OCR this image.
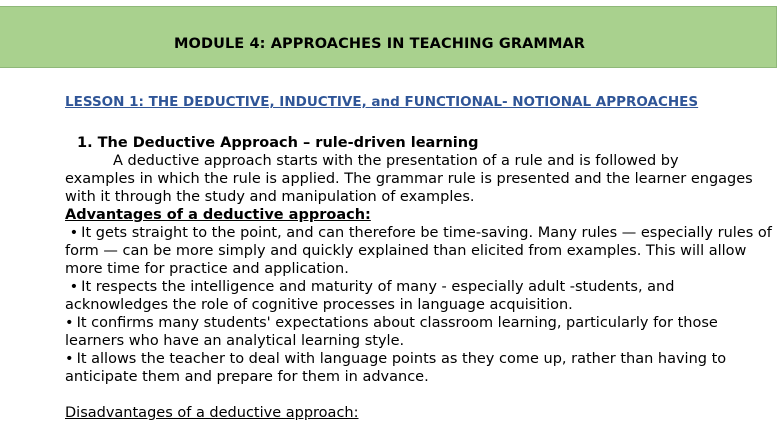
MODULE 4: APPROACHES IN TEACHING GRAMMAR

LESSON 1: THE DEDUCTIVE, INDUCTIVE, and FUNCTIONAL- NOTIONAL APPROACHES

1. The Deductive Approach – rule-driven learning

A deductive approach starts with the presentation of a rule and is followed by

examples in which the rule is applied. The grammar rule is presented and the learner engages with it through the study and manipulation of examples.

Advantages of a deductive approach:

• It gets straight to the point, and can therefore be time-saving. Many rules — especially rules of form — can be more simply and quickly explained than elicited from examples. This will allow more time for practice and application.

• It respects the intelligence and maturity of many - especially adult -students, and acknowledges the role of cognitive processes in language acquisition.

• It confirms many students' expectations about classroom learning, particularly for those learners who have an analytical learning style.

• It allows the teacher to deal with language points as they come up, rather than having to anticipate them and prepare for them in advance.

Disadvantages of a deductive approach:
